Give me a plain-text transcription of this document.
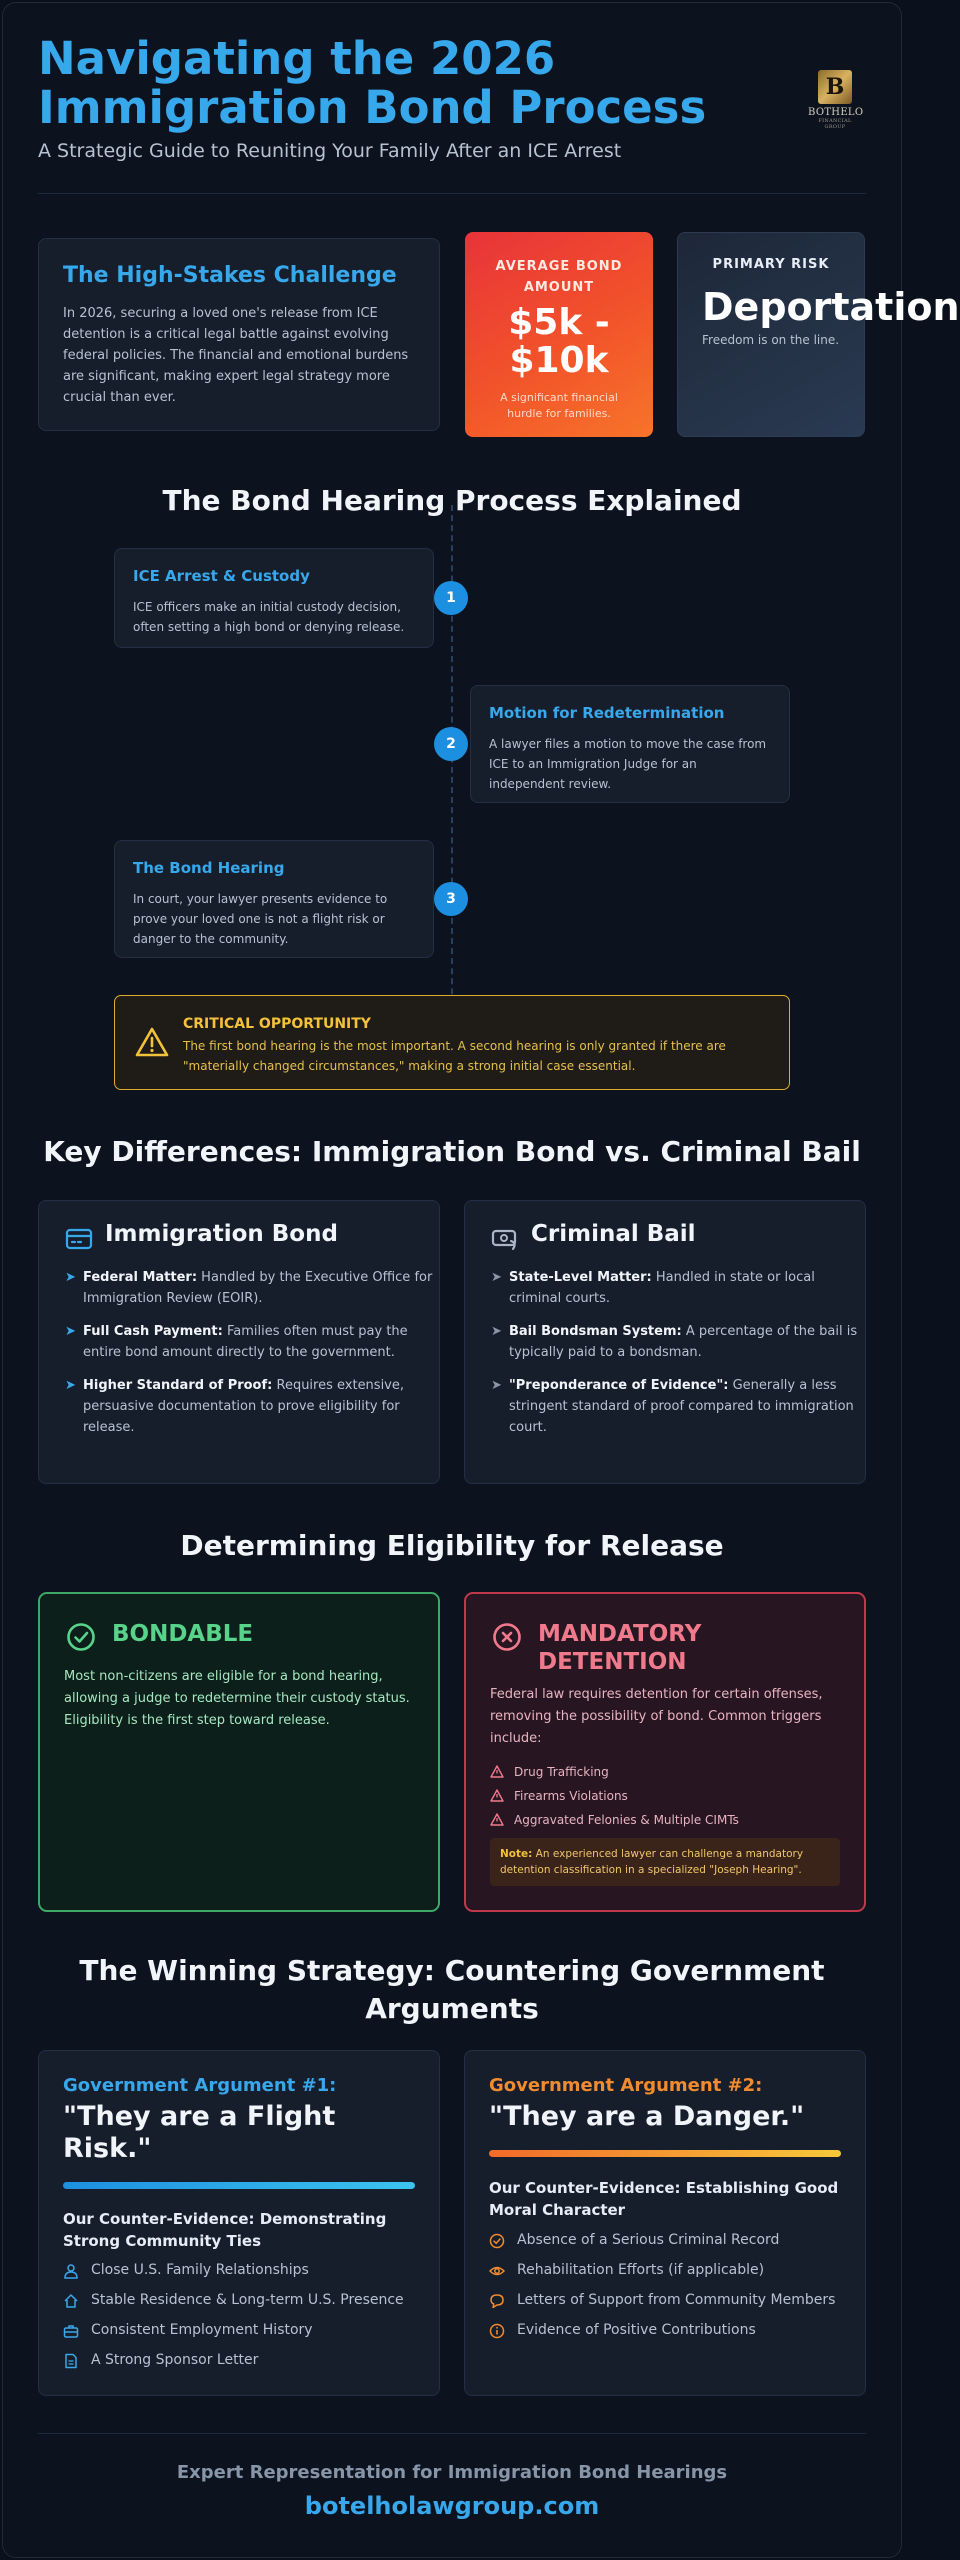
Navigating the 2026
Immigration Bond Process
A Strategic Guide to Reuniting Your Family After an ICE Arrest
B
BOTHELO
FINANCIAL GROUP
The High-Stakes Challenge

In 2026, securing a loved one's release from ICE detention is a critical legal battle against evolving federal policies. The financial and emotional burdens are significant, making expert legal strategy more crucial than ever.

AVERAGE BOND AMOUNT
$5k -
$10k
A significant financial hurdle for families.
PRIMARY RISK
Deportation
Freedom is on the line.
The Bond Hearing Process Explained
ICE Arrest & Custody

ICE officers make an initial custody decision, often setting a high bond or denying release.

1
Motion for Redetermination

A lawyer files a motion to move the case from ICE to an Immigration Judge for an independent review.

2
The Bond Hearing

In court, your lawyer presents evidence to prove your loved one is not a flight risk or danger to the community.

3
CRITICAL OPPORTUNITY

The first bond hearing is the most important. A second hearing is only granted if there are "materially changed circumstances," making a strong initial case essential.

Key Differences: Immigration Bond vs. Criminal Bail
Immigration Bond
➤ Federal Matter: Handled by the Executive Office for Immigration Review (EOIR).
➤ Full Cash Payment: Families often must pay the entire bond amount directly to the government.
➤ Higher Standard of Proof: Requires extensive, persuasive documentation to prove eligibility for release.
Criminal Bail
➤ State-Level Matter: Handled in state or local criminal courts.
➤ Bail Bondsman System: A percentage of the bail is typically paid to a bondsman.
➤ "Preponderance of Evidence": Generally a less stringent standard of proof compared to immigration court.
Determining Eligibility for Release
BONDABLE

Most non-citizens are eligible for a bond hearing, allowing a judge to redetermine their custody status. Eligibility is the first step toward release.

MANDATORY
DETENTION

Federal law requires detention for certain offenses, removing the possibility of bond. Common triggers include:

Drug Trafficking
Firearms Violations
Aggravated Felonies & Multiple CIMTs
Note: An experienced lawyer can challenge a mandatory detention classification in a specialized "Joseph Hearing".
The Winning Strategy: Countering Government
Arguments
Government Argument #1:
"They are a Flight Risk."
Our Counter-Evidence: Demonstrating Strong Community Ties
Close U.S. Family Relationships
Stable Residence & Long-term U.S. Presence
Consistent Employment History
A Strong Sponsor Letter
Government Argument #2:
"They are a Danger."
Our Counter-Evidence: Establishing Good Moral Character
Absence of a Serious Criminal Record
Rehabilitation Efforts (if applicable)
Letters of Support from Community Members
Evidence of Positive Contributions
Expert Representation for Immigration Bond Hearings
botelholawgroup.com
